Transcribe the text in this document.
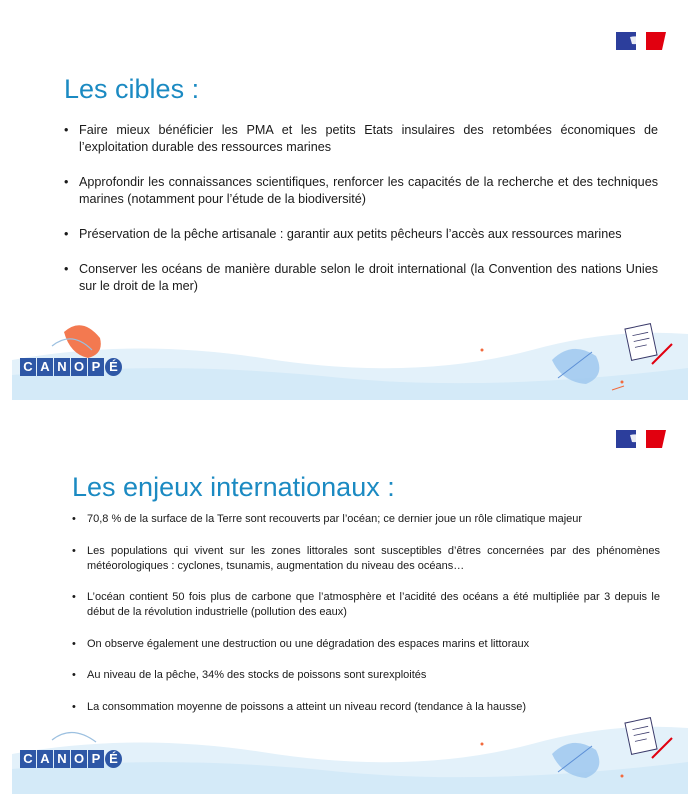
Les cibles :
• Faire mieux bénéficier les PMA et les petits Etats insulaires des retombées économiques de l’exploitation durable des ressources marines
• Approfondir les connaissances scientifiques, renforcer les capacités de la recherche et des techniques marines (notamment pour l’étude de la biodiversité)
• Préservation de la pêche artisanale : garantir aux petits pêcheurs l’accès aux ressources marines
• Conserver les océans de manière durable selon le droit international (la Convention des nations Unies sur le droit de la mer)
C A N O P É
Les enjeux internationaux :
• 70,8 % de la surface de la Terre sont recouverts par l’océan; ce dernier joue un rôle climatique majeur
• Les populations qui vivent sur les zones littorales sont susceptibles d’êtres concernées par des phénomènes météorologiques : cyclones, tsunamis, augmentation du niveau des océans…
• L’océan contient 50 fois plus de carbone que l’atmosphère et l’acidité des océans a été multipliée par 3 depuis le début de la révolution industrielle (pollution des eaux)
• On observe également une destruction ou une dégradation des espaces marins et littoraux
• Au niveau de la pêche, 34% des stocks de poissons sont surexploités
• La consommation moyenne de poissons a atteint un niveau record (tendance à la hausse)
C A N O P É
